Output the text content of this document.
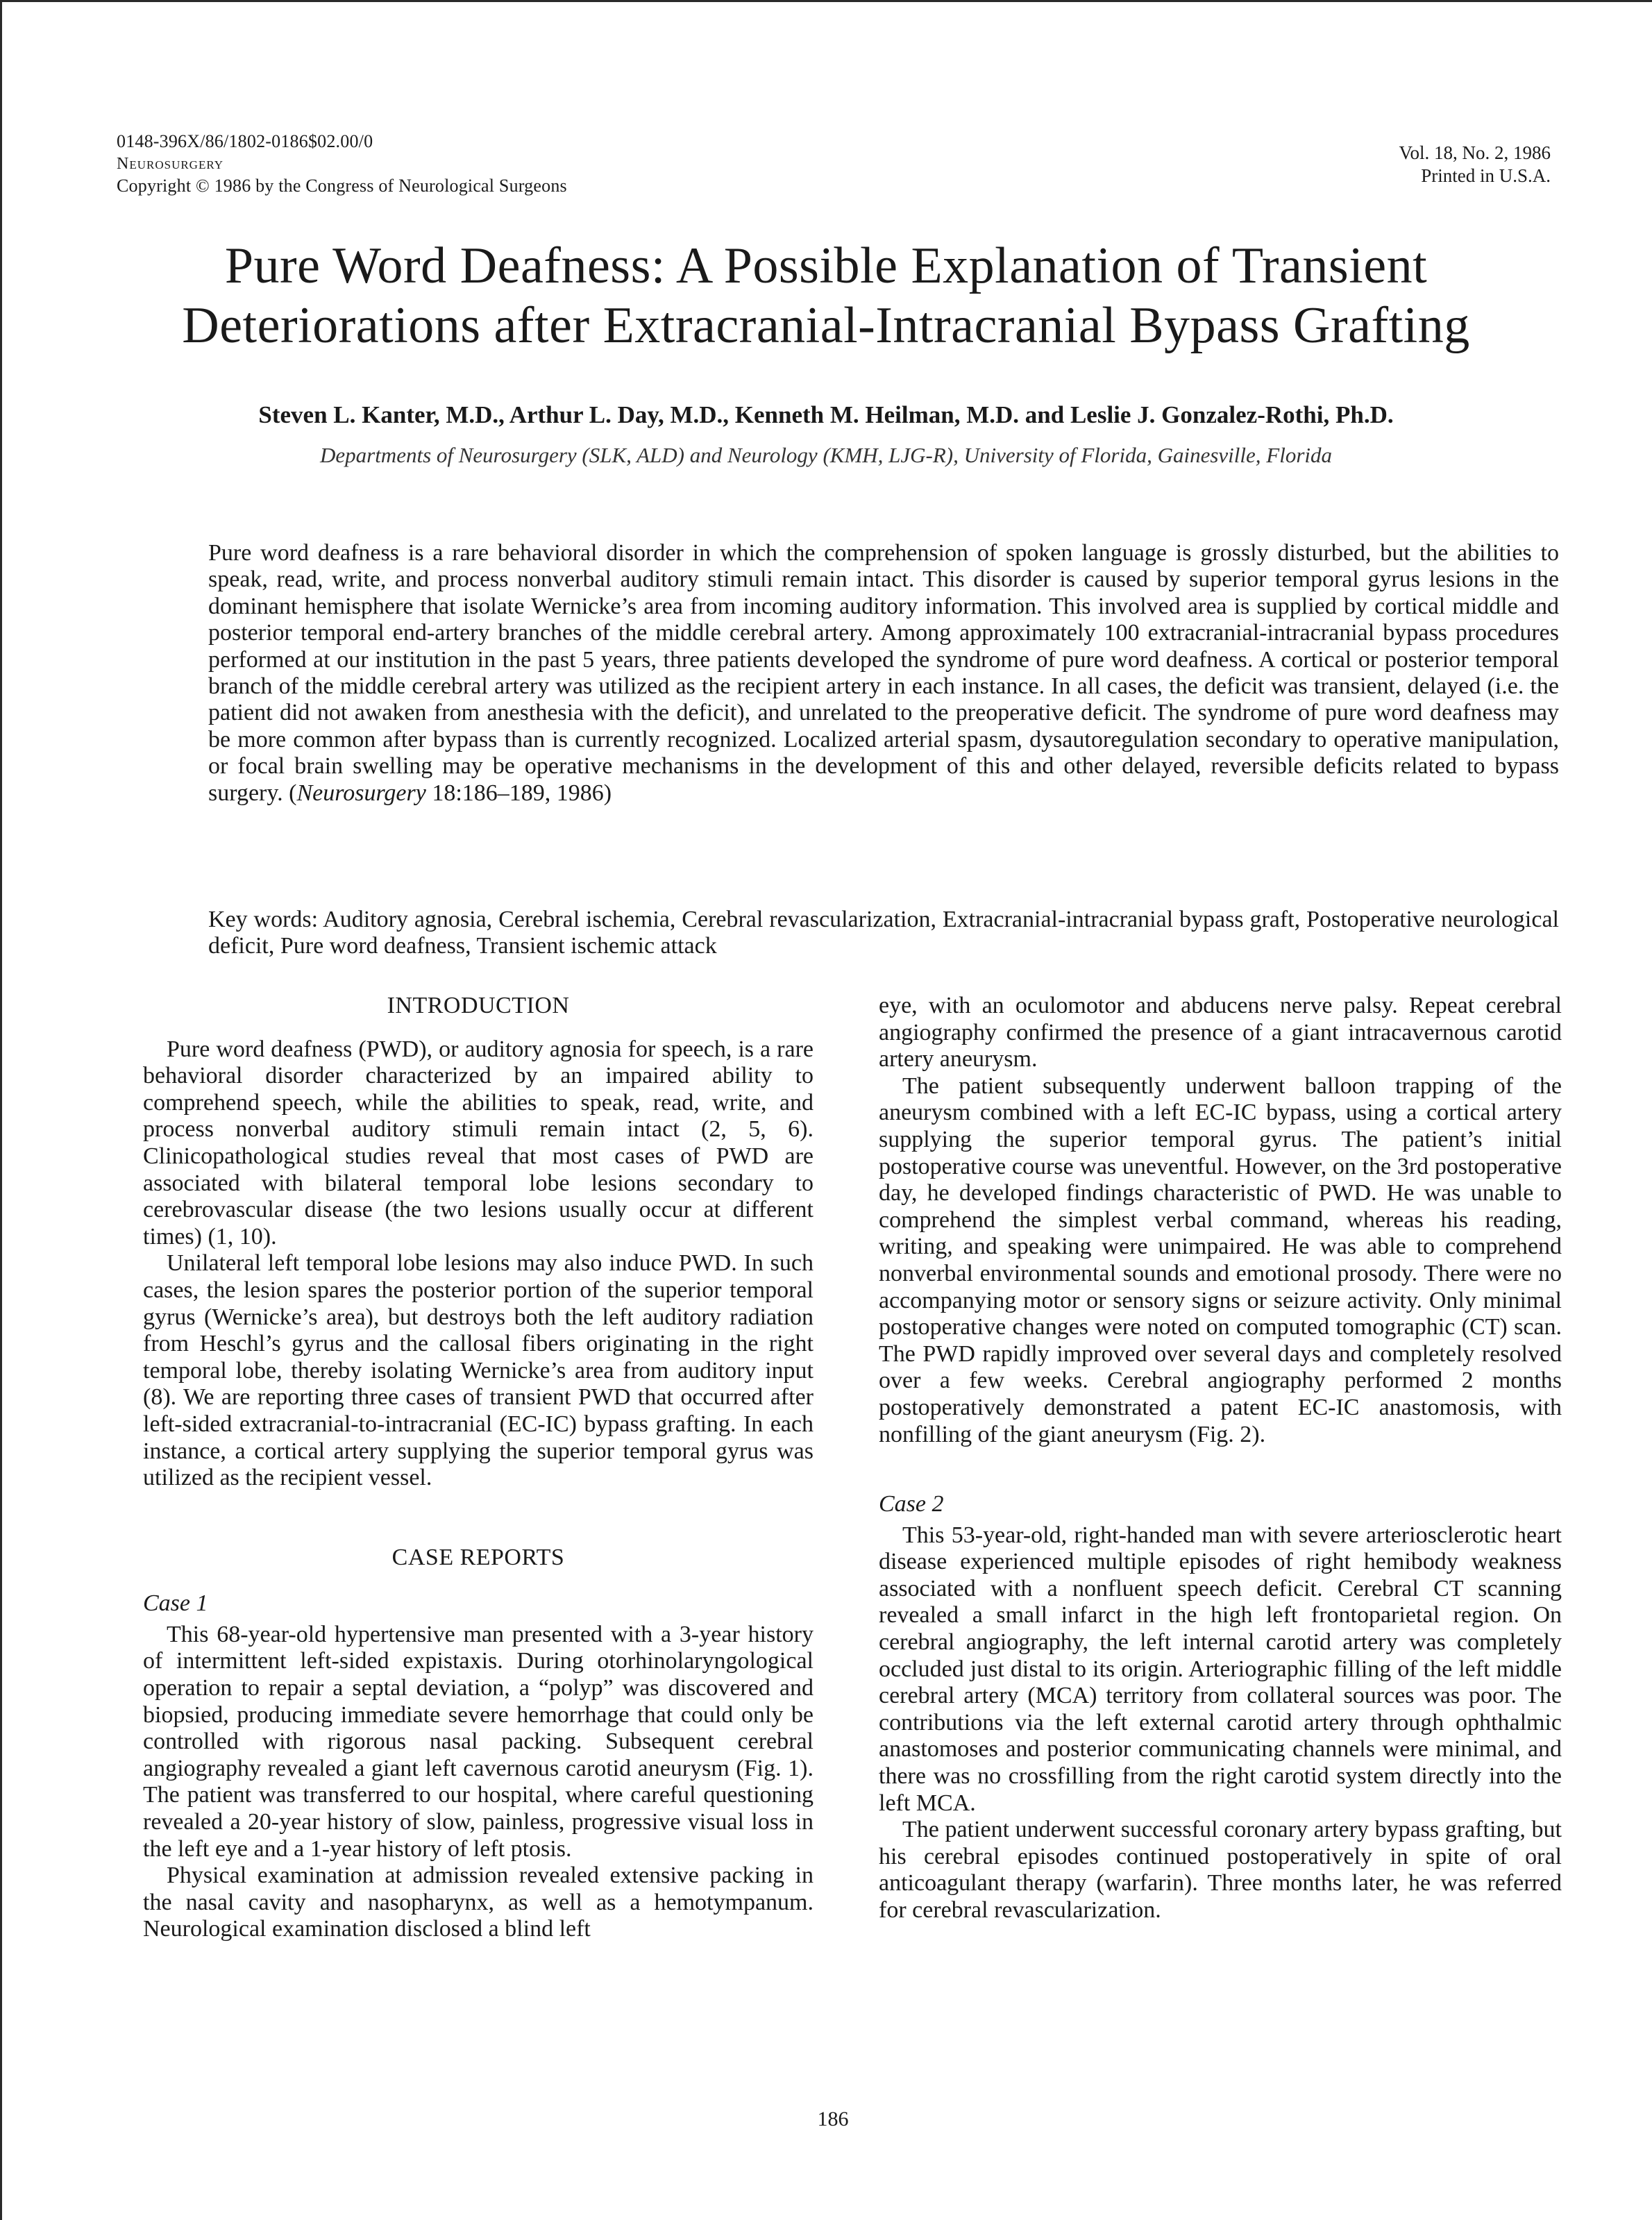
0148-396X/86/1802-0186$02.00/0
Neurosurgery
Copyright © 1986 by the Congress of Neurological Surgeons
Vol. 18, No. 2, 1986
Printed in U.S.A.
Pure Word Deafness: A Possible Explanation of Transient
Deteriorations after Extracranial-Intracranial Bypass Grafting
Steven L. Kanter, M.D., Arthur L. Day, M.D., Kenneth M. Heilman, M.D. and Leslie J. Gonzalez-Rothi, Ph.D.
Departments of Neurosurgery (SLK, ALD) and Neurology (KMH, LJG-R), University of Florida, Gainesville, Florida

Pure word deafness is a rare behavioral disorder in which the comprehension of spoken language is grossly disturbed, but the abilities to speak, read, write, and process nonverbal auditory stimuli remain intact. This disorder is caused by superior temporal gyrus lesions in the dominant hemisphere that isolate Wernicke’s area from incoming auditory information. This involved area is supplied by cortical middle and posterior temporal end-artery branches of the middle cerebral artery. Among approximately 100 extracranial-intracranial bypass procedures performed at our institution in the past 5 years, three patients developed the syndrome of pure word deafness. A cortical or posterior temporal branch of the middle cerebral artery was utilized as the recipient artery in each instance. In all cases, the deficit was transient, delayed (i.e. the patient did not awaken from anesthesia with the deficit), and unrelated to the preoperative deficit. The syndrome of pure word deafness may be more common after bypass than is currently recognized. Localized arterial spasm, dysautoregulation secondary to operative manipulation, or focal brain swelling may be operative mechanisms in the development of this and other delayed, reversible deficits related to bypass surgery. (Neurosurgery 18:186–189, 1986)

Key words: Auditory agnosia, Cerebral ischemia, Cerebral revascularization, Extracranial-intracranial bypass graft, Postoperative neurological deficit, Pure word deafness, Transient ischemic attack

INTRODUCTION

Pure word deafness (PWD), or auditory agnosia for speech, is a rare behavioral disorder characterized by an impaired ability to comprehend speech, while the abilities to speak, read, write, and process nonverbal auditory stimuli remain intact (2, 5, 6). Clinicopathological studies reveal that most cases of PWD are associated with bilateral temporal lobe lesions secondary to cerebrovascular disease (the two lesions usually occur at different times) (1, 10).

Unilateral left temporal lobe lesions may also induce PWD. In such cases, the lesion spares the posterior portion of the superior temporal gyrus (Wernicke’s area), but destroys both the left auditory radiation from Heschl’s gyrus and the callosal fibers originating in the right temporal lobe, thereby isolating Wernicke’s area from auditory input (8). We are reporting three cases of transient PWD that occurred after left-sided extracranial-to-intracranial (EC-IC) bypass grafting. In each instance, a cortical artery supplying the superior temporal gyrus was utilized as the recipient vessel.

CASE REPORTS
Case 1

This 68-year-old hypertensive man presented with a 3-year history of intermittent left-sided expistaxis. During otorhinolaryngological operation to repair a septal deviation, a “polyp” was discovered and biopsied, producing immediate severe hemorrhage that could only be controlled with rigorous nasal packing. Subsequent cerebral angiography revealed a giant left cavernous carotid aneurysm (Fig. 1). The patient was transferred to our hospital, where careful questioning revealed a 20-year history of slow, painless, progressive visual loss in the left eye and a 1-year history of left ptosis.

Physical examination at admission revealed extensive packing in the nasal cavity and nasopharynx, as well as a hemotympanum. Neurological examination disclosed a blind left

eye, with an oculomotor and abducens nerve palsy. Repeat cerebral angiography confirmed the presence of a giant intracavernous carotid artery aneurysm.

The patient subsequently underwent balloon trapping of the aneurysm combined with a left EC-IC bypass, using a cortical artery supplying the superior temporal gyrus. The patient’s initial postoperative course was uneventful. However, on the 3rd postoperative day, he developed findings characteristic of PWD. He was unable to comprehend the simplest verbal command, whereas his reading, writing, and speaking were unimpaired. He was able to comprehend nonverbal environmental sounds and emotional prosody. There were no accompanying motor or sensory signs or seizure activity. Only minimal postoperative changes were noted on computed tomographic (CT) scan. The PWD rapidly improved over several days and completely resolved over a few weeks. Cerebral angiography performed 2 months postoperatively demonstrated a patent EC-IC anastomosis, with nonfilling of the giant aneurysm (Fig. 2).

Case 2

This 53-year-old, right-handed man with severe arteriosclerotic heart disease experienced multiple episodes of right hemibody weakness associated with a nonfluent speech deficit. Cerebral CT scanning revealed a small infarct in the high left frontoparietal region. On cerebral angiography, the left internal carotid artery was completely occluded just distal to its origin. Arteriographic filling of the left middle cerebral artery (MCA) territory from collateral sources was poor. The contributions via the left external carotid artery through ophthalmic anastomoses and posterior communicating channels were minimal, and there was no crossfilling from the right carotid system directly into the left MCA.

The patient underwent successful coronary artery bypass grafting, but his cerebral episodes continued postoperatively in spite of oral anticoagulant therapy (warfarin). Three months later, he was referred for cerebral revascularization.

186
